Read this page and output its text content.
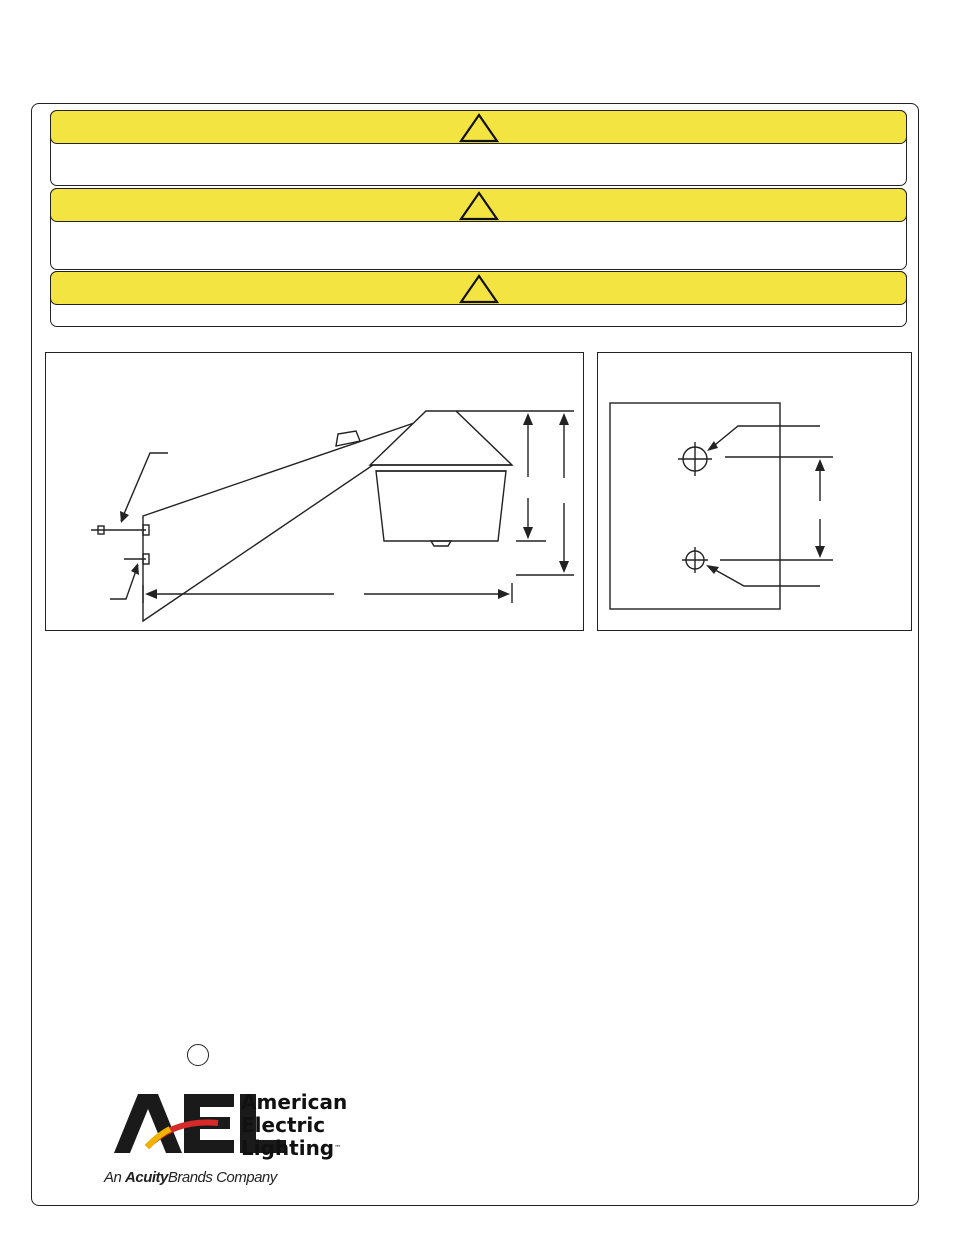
American
Electric
Lighting™
An AcuityBrands Company
